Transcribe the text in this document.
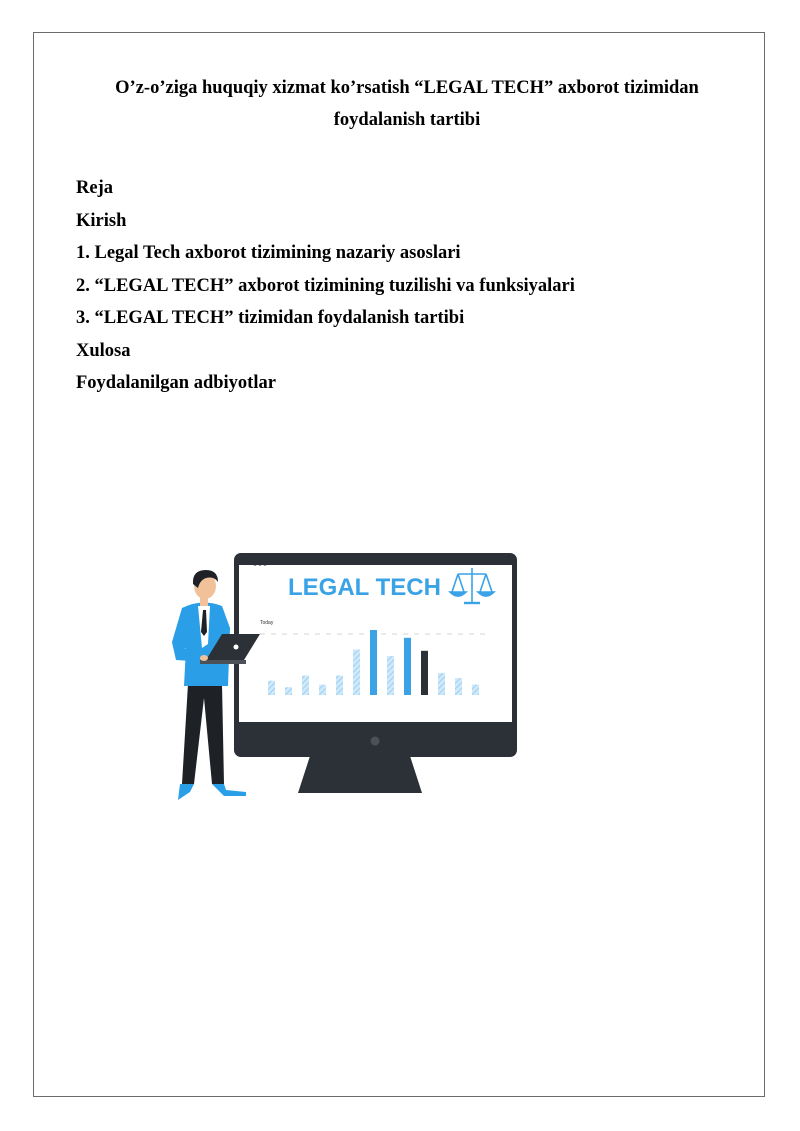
O’z-o’ziga huquqiy xizmat ko’rsatish “LEGAL TECH” axborot tizimidan
foydalanish tartibi
Reja
Kirish
1. Legal Tech axborot tizimining nazariy asoslari
2. “LEGAL TECH” axborot tizimining tuzilishi va funksiyalari
3. “LEGAL TECH” tizimidan foydalanish tartibi
Xulosa
Foydalanilgan adbiyotlar
LEGAL TECH
Today
